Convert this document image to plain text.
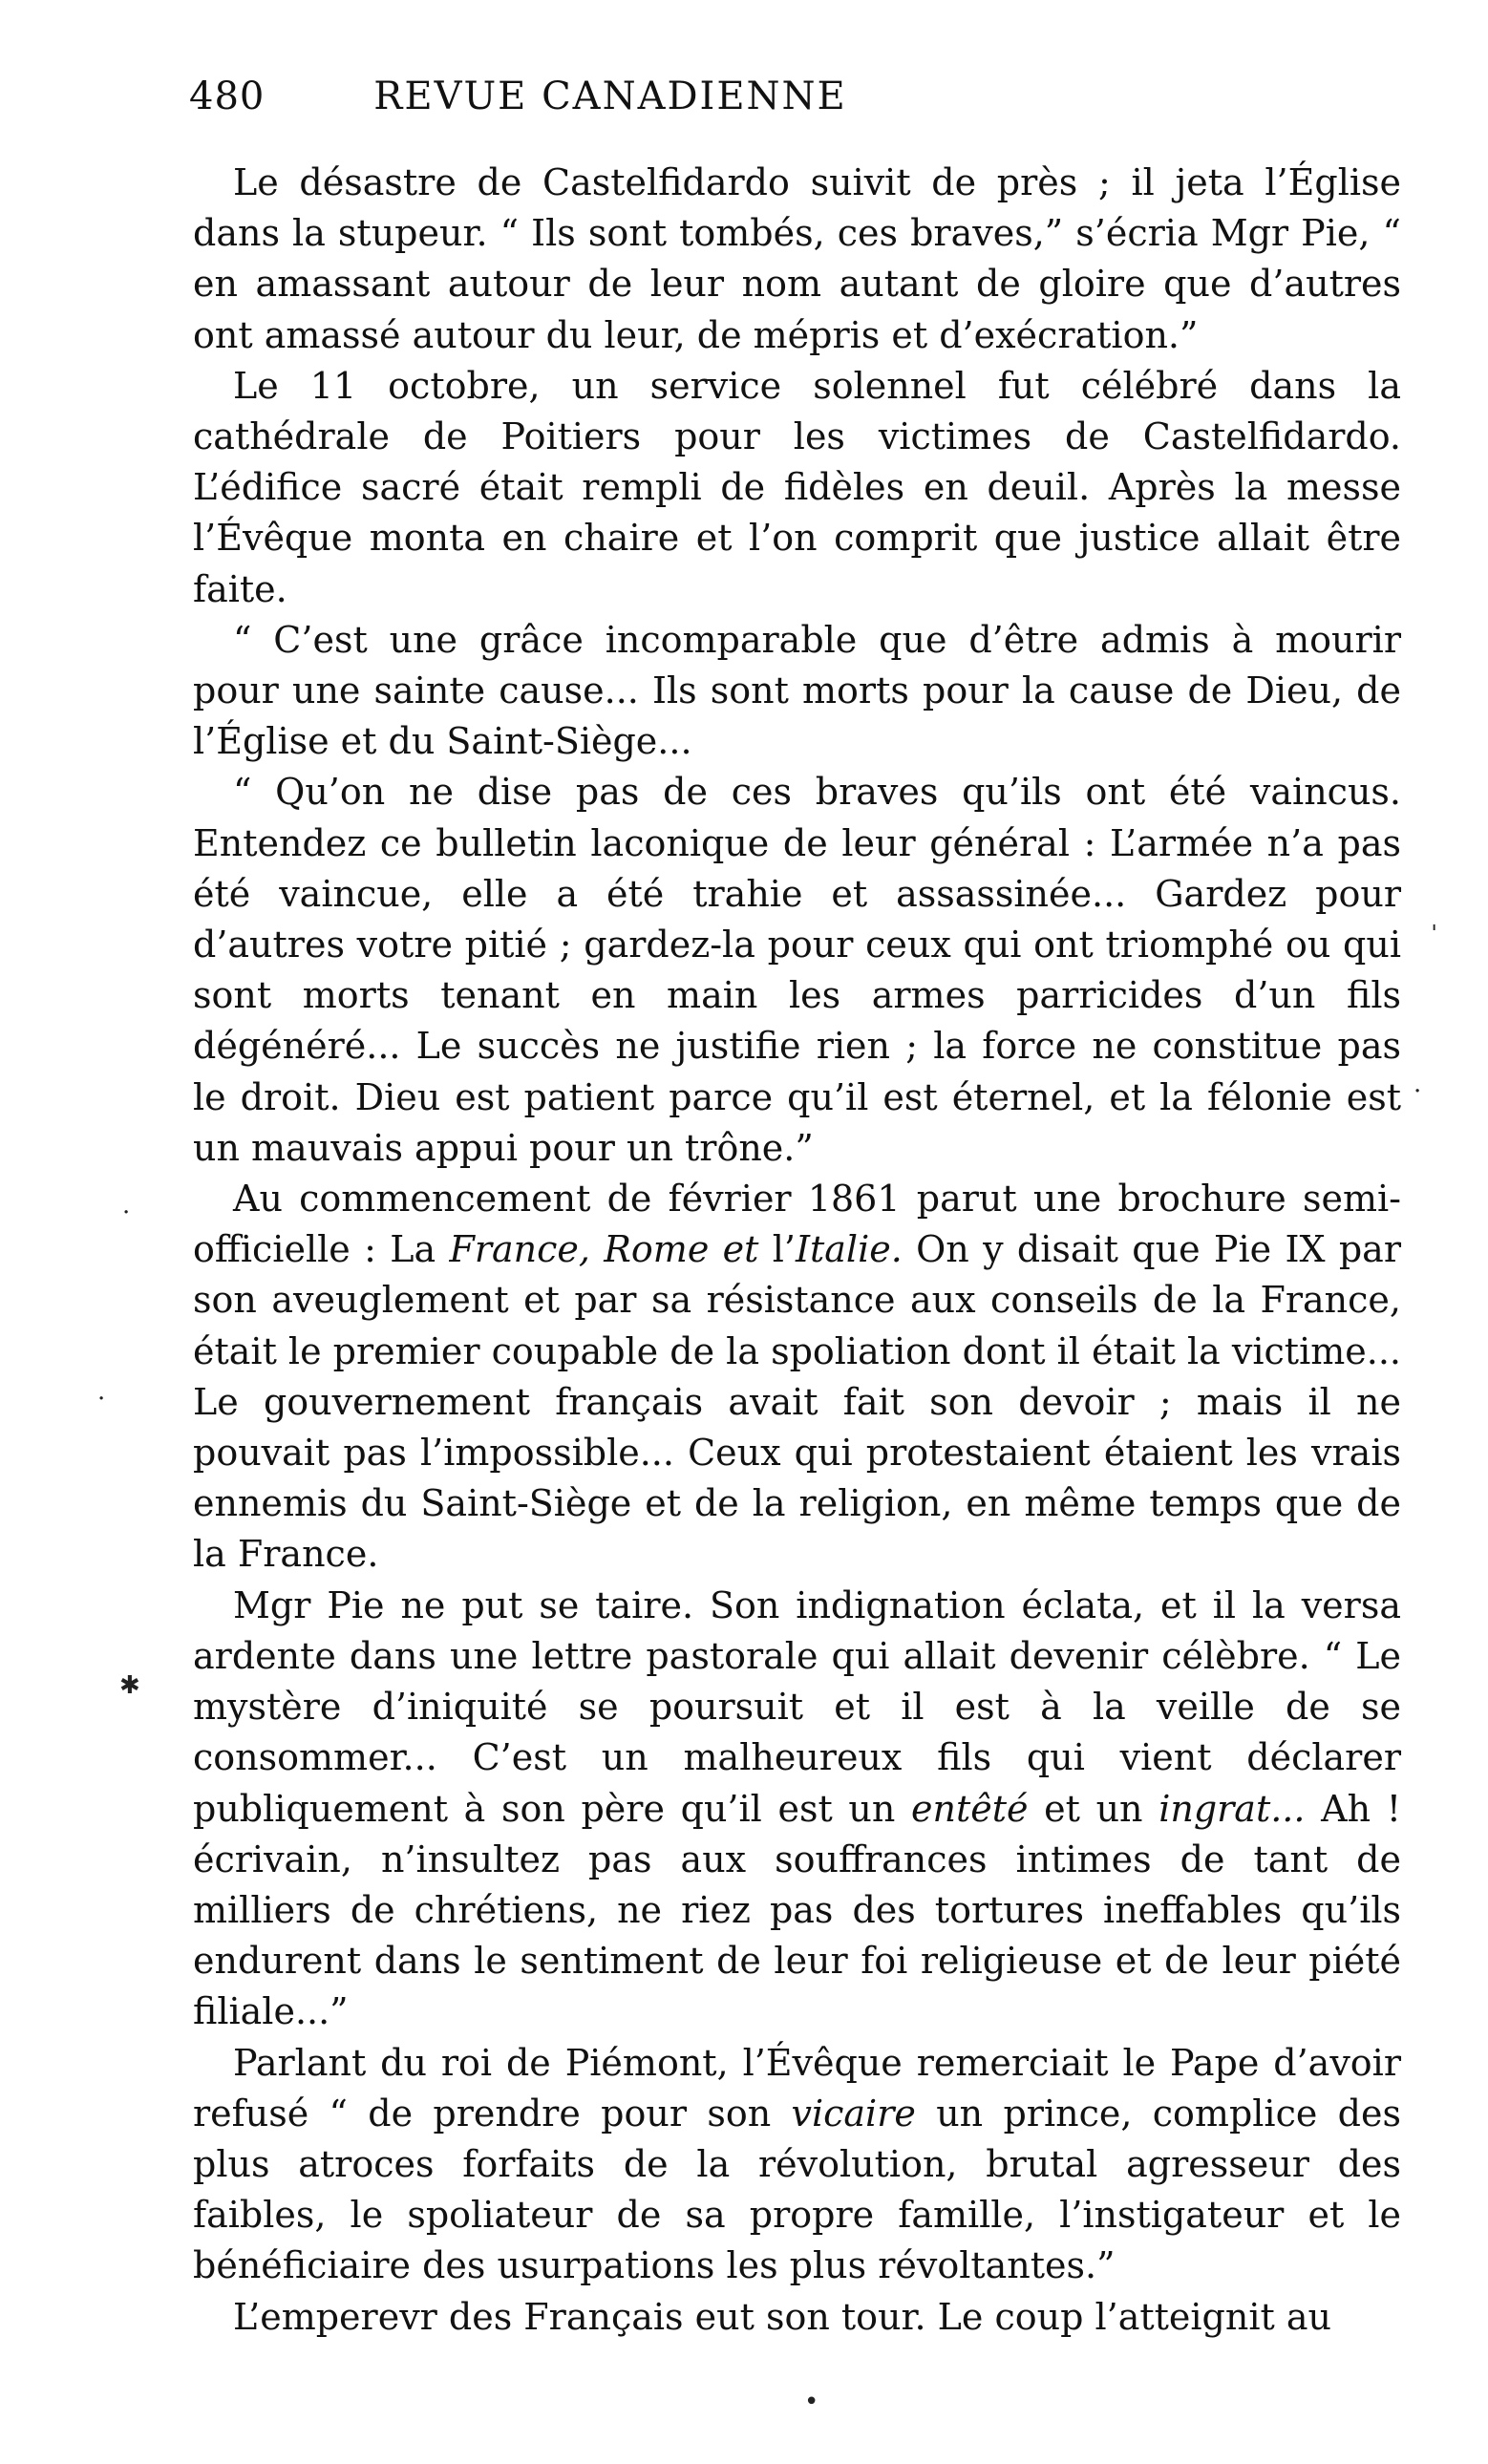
480	REVUE CANADIENNE

Le désastre de Castelfidardo suivit de près ; il jeta l’Église dans la stupeur. “ Ils sont tombés, ces braves,” s’écria Mgr Pie, “ en amassant autour de leur nom autant de gloire que d’autres ont amassé autour du leur, de mépris et d’exécration.”

Le 11 octobre, un service solennel fut célébré dans la cathédrale de Poitiers pour les victimes de Castelfidardo. L’édifice sacré était rempli de fidèles en deuil. Après la messe l’Évêque monta en chaire et l’on comprit que justice allait être faite.

“ C’est une grâce incomparable que d’être admis à mourir pour une sainte cause... Ils sont morts pour la cause de Dieu, de l’Église et du Saint-Siège...

“ Qu’on ne dise pas de ces braves qu’ils ont été vaincus. Entendez ce bulletin laconique de leur général : L’armée n’a pas été vaincue, elle a été trahie et assassinée... Gardez pour d’autres votre pitié ; gardez-la pour ceux qui ont triomphé ou qui sont morts tenant en main les armes parricides d’un fils dégénéré... Le succès ne justifie rien ; la force ne constitue pas le droit. Dieu est patient parce qu’il est éternel, et la félonie est un mauvais appui pour un trône.”

Au commencement de février 1861 parut une brochure semi-officielle : La France, Rome et l’Italie. On y disait que Pie IX par son aveuglement et par sa résistance aux conseils de la France, était le premier coupable de la spoliation dont il était la victime... Le gouvernement français avait fait son devoir ; mais il ne pouvait pas l’impossible... Ceux qui protestaient étaient les vrais ennemis du Saint-Siège et de la religion, en même temps que de la France.

Mgr Pie ne put se taire. Son indignation éclata, et il la versa ardente dans une lettre pastorale qui allait devenir célèbre. “ Le mystère d’iniquité se poursuit et il est à la veille de se consommer... C’est un malheureux fils qui vient déclarer publiquement à son père qu’il est un entêté et un ingrat... Ah ! écrivain, n’insultez pas aux souffrances intimes de tant de milliers de chrétiens, ne riez pas des tortures ineffables qu’ils endurent dans le sentiment de leur foi religieuse et de leur piété filiale...”

Parlant du roi de Piémont, l’Évêque remerciait le Pape d’avoir refusé “ de prendre pour son vicaire un prince, complice des plus atroces forfaits de la révolution, brutal agresseur des faibles, le spoliateur de sa propre famille, l’instigateur et le bénéficiaire des usurpations les plus révoltantes.”

L’emperevr des Français eut son tour. Le coup l’atteignit au

ˈ
·
·
·
✱
•
